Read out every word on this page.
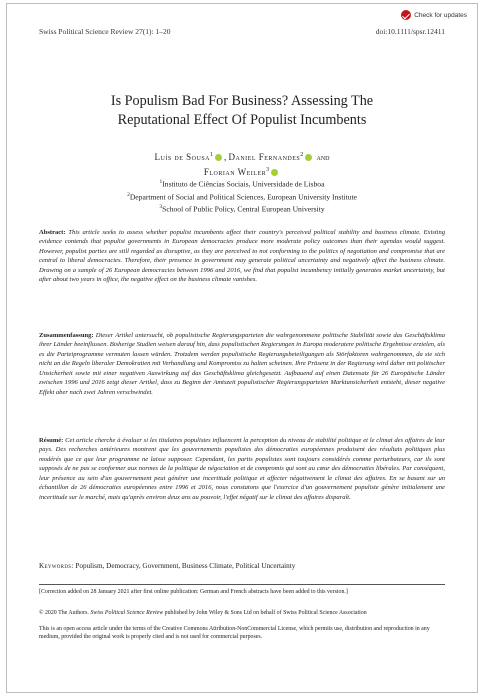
Check for updates
Swiss Political Science Review 27(1): 1–20	doi:10.1111/spsr.12411
Is Populism Bad For Business? Assessing The
Reputational Effect Of Populist Incumbents
Luís de Sousa$^1$ , Daniel Fernandes$^2$ and
Florian Weiler$^3$
$^1$Instituto de Ciências Sociais, Universidade de Lisboa
$^2$Department of Social and Political Sciences, European University Institute
$^3$School of Public Policy, Central European University
Abstract: This article seeks to assess whether populist incumbents affect their country's perceived political stability and business climate. Existing evidence contends that populist governments in European democracies produce more moderate policy outcomes than their agendas would suggest. However, populist parties are still regarded as disruptive, as they are perceived to not conforming to the politics of negotiation and compromise that are central to liberal democracies. Therefore, their presence in government may generate political uncertainty and negatively affect the business climate. Drawing on a sample of 26 European democracies between 1996 and 2016, we find that populist incumbency initially generates market uncertainty, but after about two years in office, the negative effect on the business climate vanishes.
Zusammenfassung: Dieser Artikel untersucht, ob populistische Regierungsparteien die wahrgenommene politische Stabilität sowie das Geschäftsklima ihrer Länder beeinflussen. Bisherige Studien weisen darauf hin, dass populistischen Regierungen in Europa moderatere politische Ergebnisse erzielen, als es die Parteiprogramme vermuten lassen würden. Trotzdem werden populistische Regierungsbeteiligungen als Störfaktoren wahrgenommen, da sie sich nicht an die Regeln liberaler Demokratien mit Verhandlung und Kompromiss zu halten scheinen. Ihre Präsenz in der Regierung wird daher mit politischer Unsicherheit sowie mit einer negativen Auswirkung auf das Geschäftsklima gleichgesetzt. Aufbauend auf einen Datensatz für 26 Europäische Länder zwischen 1996 und 2016 zeigt dieser Artikel, dass zu Beginn der Amtszeit populistischer Regierungsparteien Marktunsicherheit entsteht, dieser negative Effekt aber nach zwei Jahren verschwindet.
Résumé: Cet article cherche à évaluer si les titulaires populistes influencent la perception du niveau de stabilité politique et le climat des affaires de leur pays. Des recherches antérieures montrent que les gouvernements populistes des démocraties européennes produisent des résultats politiques plus modérés que ce que leur programme ne laisse supposer. Cependant, les partis populistes sont toujours considérés comme perturbateurs, car ils sont supposés de ne pas se conformer aux normes de la politique de négociation et de compromis qui sont au cœur des démocraties libérales. Par conséquent, leur présence au sein d'un gouvernement peut générer une incertitude politique et affecter négativement le climat des affaires. En se basant sur un échantillon de 26 démocraties européennes entre 1996 et 2016, nous constatons que l'exercice d'un gouvernement populiste génère initialement une incertitude sur le marché, mais qu'après environ deux ans au pouvoir, l'effet négatif sur le climat des affaires disparaît.
Keywords: Populism, Democracy, Government, Business Climate, Political Uncertainty
[Correction added on 28 January 2021 after first online publication: German and French abstracts have been added to this version.]
© 2020 The Authors. Swiss Political Science Review published by John Wiley & Sons Ltd on behalf of Swiss Political Science Association
This is an open access article under the terms of the Creative Commons Attribution-NonCommercial License, which permits use, distribution and reproduction in any medium, provided the original work is properly cited and is not used for commercial purposes.
